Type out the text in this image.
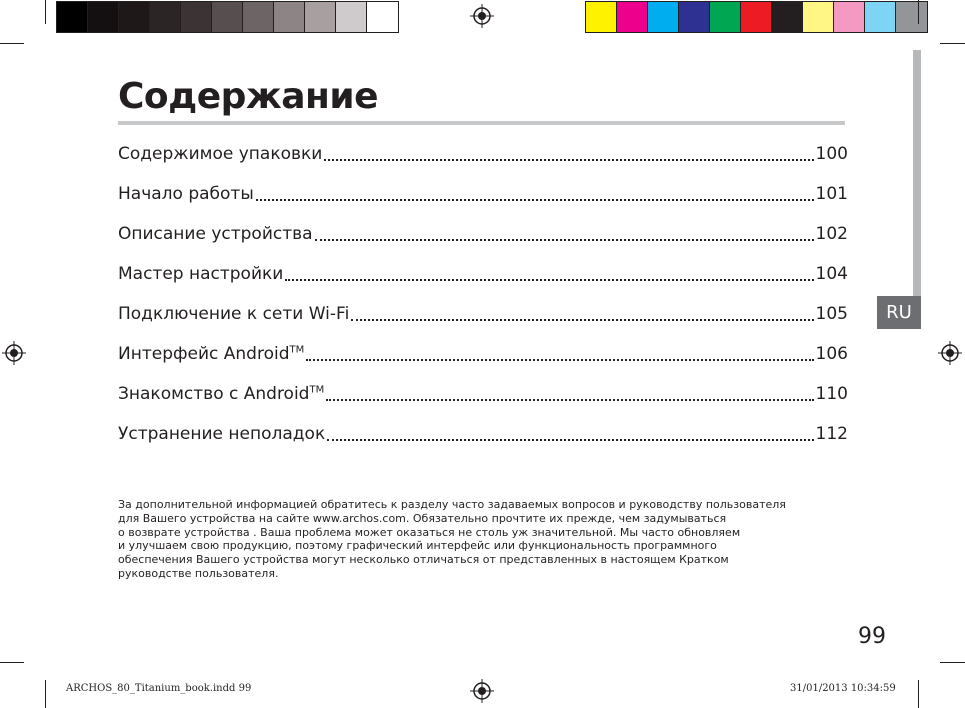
RU
Содержание
Содержимое упаковки	100
Начало работы	101
Описание устройства	102
Мастер настройки	104
Подключение к сети Wi-Fi	105
Интерфейс Android™	106
Знакомство с Android™	110
Устранение неполадок	112
За дополнительной информацией обратитесь к разделу часто задаваемых вопросов и руководству пользователя
для Вашего устройства на сайте www.archos.com. Обязательно прочтите их прежде, чем задумываться
о возврате устройства . Ваша проблема может оказаться не столь уж значительной. Мы часто обновляем
и улучшаем свою продукцию, поэтому графический интерфейс или функциональность программного
обеспечения Вашего устройства могут несколько отличаться от представленных в настоящем Кратком
руководстве пользователя.
99
ARCHOS_80_Titanium_book.indd 99	31/01/2013 10:34:59
